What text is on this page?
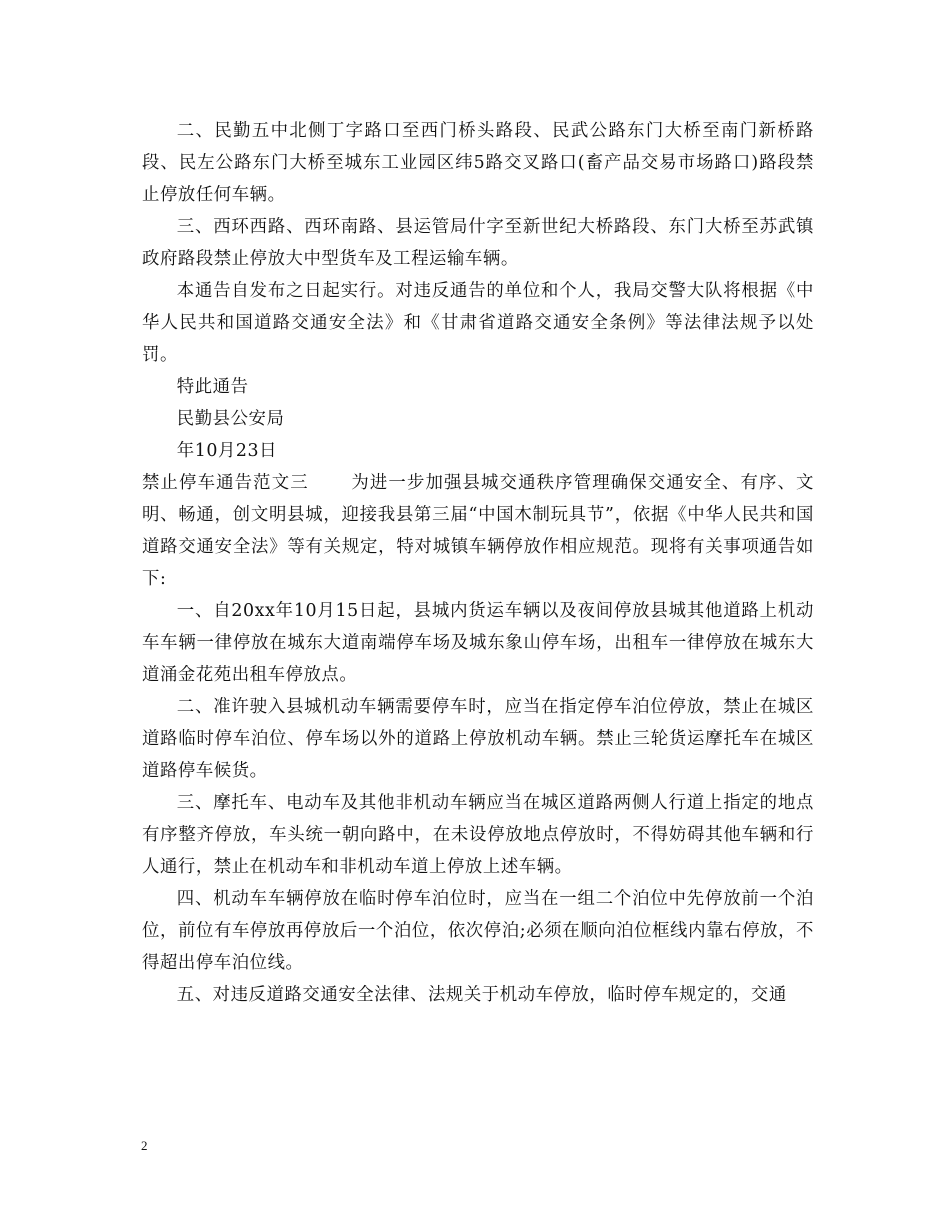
二、民勤五中北侧丁字路口至西门桥头路段、民武公路东门大桥至南门新桥路段、民左公路东门大桥至城东工业园区纬5路交叉路口(畜产品交易市场路口)路段禁止停放任何车辆。

三、西环西路、西环南路、县运管局什字至新世纪大桥路段、东门大桥至苏武镇政府路段禁止停放大中型货车及工程运输车辆。

本通告自发布之日起实行。对违反通告的单位和个人，我局交警大队将根据《中华人民共和国道路交通安全法》和《甘肃省道路交通安全条例》等法律法规予以处罚。

特此通告

民勤县公安局

年10月23日

禁止停车通告范文三 为进一步加强县城交通秩序管理确保交通安全、有序、文明、畅通，创文明县城，迎接我县第三届“中国木制玩具节”，依据《中华人民共和国道路交通安全法》等有关规定，特对城镇车辆停放作相应规范。现将有关事项通告如下:

一、自20xx年10月15日起，县城内货运车辆以及夜间停放县城其他道路上机动车车辆一律停放在城东大道南端停车场及城东象山停车场，出租车一律停放在城东大道涌金花苑出租车停放点。

二、准许驶入县城机动车辆需要停车时，应当在指定停车泊位停放，禁止在城区道路临时停车泊位、停车场以外的道路上停放机动车辆。禁止三轮货运摩托车在城区道路停车候货。

三、摩托车、电动车及其他非机动车辆应当在城区道路两侧人行道上指定的地点有序整齐停放，车头统一朝向路中，在未设停放地点停放时，不得妨碍其他车辆和行人通行，禁止在机动车和非机动车道上停放上述车辆。

四、机动车车辆停放在临时停车泊位时，应当在一组二个泊位中先停放前一个泊位，前位有车停放再停放后一个泊位，依次停泊;必须在顺向泊位框线内靠右停放，不得超出停车泊位线。

五、对违反道路交通安全法律、法规关于机动车停放，临时停车规定的，交通

2
